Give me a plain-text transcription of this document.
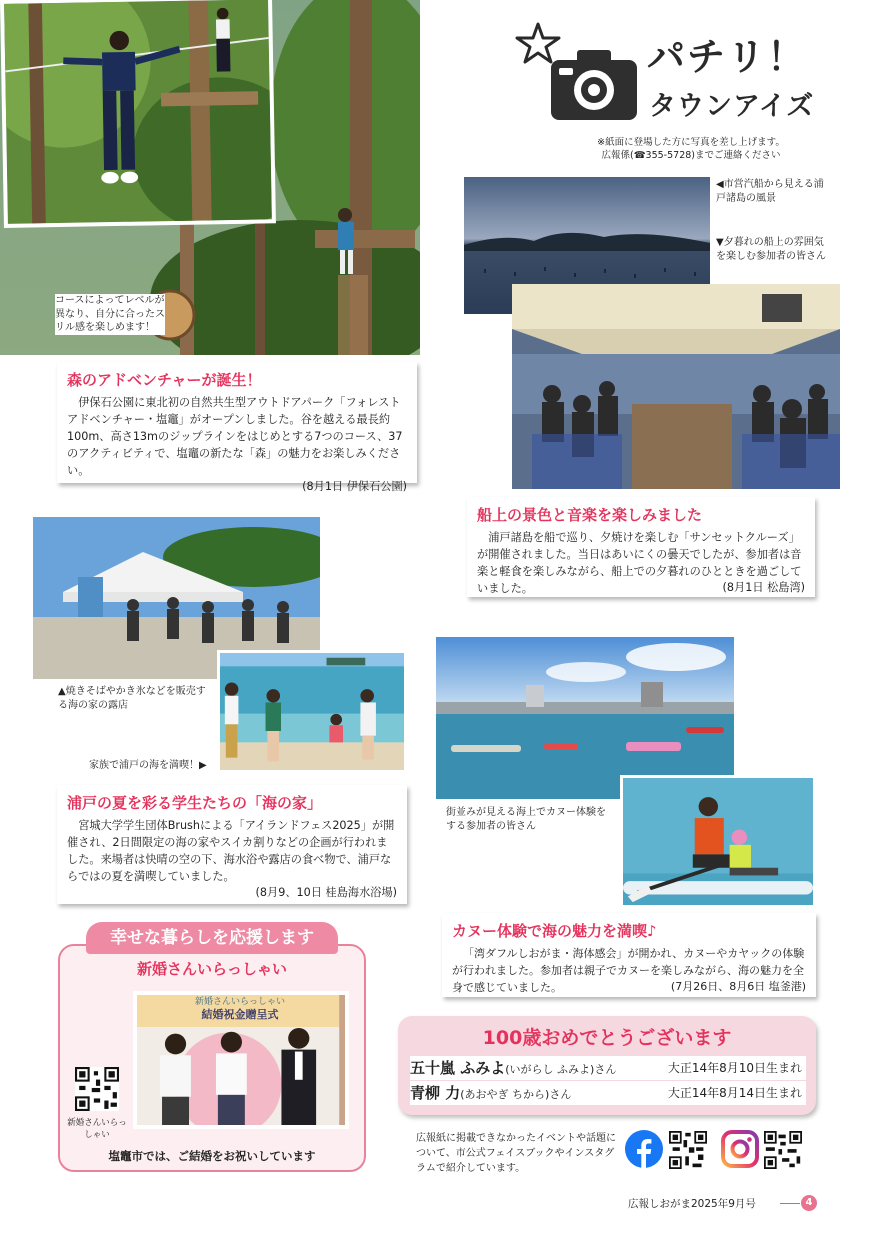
コースによってレベルが異なり、自分に合ったスリル感を楽しめます！
森のアドベンチャーが誕生！

伊保石公園に東北初の自然共生型アウトドアパーク「フォレストアドベンチャー・塩竈」がオープンしました。谷を越える最長約100m、高さ13mのジップラインをはじめとする7つのコース、37のアクティビティで、塩竈の新たな「森」の魅力をお楽しみください。

(8月1日 伊保石公園)
パチリ！
タウンアイズ
※紙面に登場した方に写真を差し上げます。
広報係(☎355-5728)までご連絡ください
◀市営汽船から見える浦戸諸島の風景
▼夕暮れの船上の雰囲気を楽しむ参加者の皆さん
船上の景色と音楽を楽しみました

浦戸諸島を船で巡り、夕焼けを楽しむ「サンセットクルーズ」が開催されました。当日はあいにくの曇天でしたが、参加者は音楽と軽食を楽しみながら、船上での夕暮れのひとときを過ごしていました。	(8月1日 松島湾)
▲焼きそばやかき氷などを販売する海の家の露店
家族で浦戸の海を満喫！▶
浦戸の夏を彩る学生たちの「海の家」

宮城大学学生団体Brushによる「アイランドフェス2025」が開催され、2日間限定の海の家やスイカ割りなどの企画が行われました。来場者は快晴の空の下、海水浴や露店の食べ物で、浦戸ならではの夏を満喫していました。

(8月9、10日 桂島海水浴場)
街並みが見える海上でカヌー体験をする参加者の皆さん
カヌー体験で海の魅力を満喫♪

「湾ダフルしおがま・海体感会」が開かれ、カヌーやカヤックの体験が行われました。参加者は親子でカヌーを楽しみながら、海の魅力を全身で感じていました。	(7月26日、8月6日 塩釜港)
幸せな暮らしを応援します
新婚さんいらっしゃい
新婚さんいらっしゃい
結婚祝金贈呈式
新婚さんいらっしゃい
塩竈市では、ご結婚をお祝いしています
100歳おめでとうございます
五十嵐 ふみよ(いがらし ふみよ)さん	大正14年8月10日生まれ
青柳 力(あおやぎ ちから)さん	大正14年8月14日生まれ
広報紙に掲載できなかったイベントや話題について、市公式フェイスブックやインスタグラムで紹介しています。
広報しおがま2025年9月号	4
